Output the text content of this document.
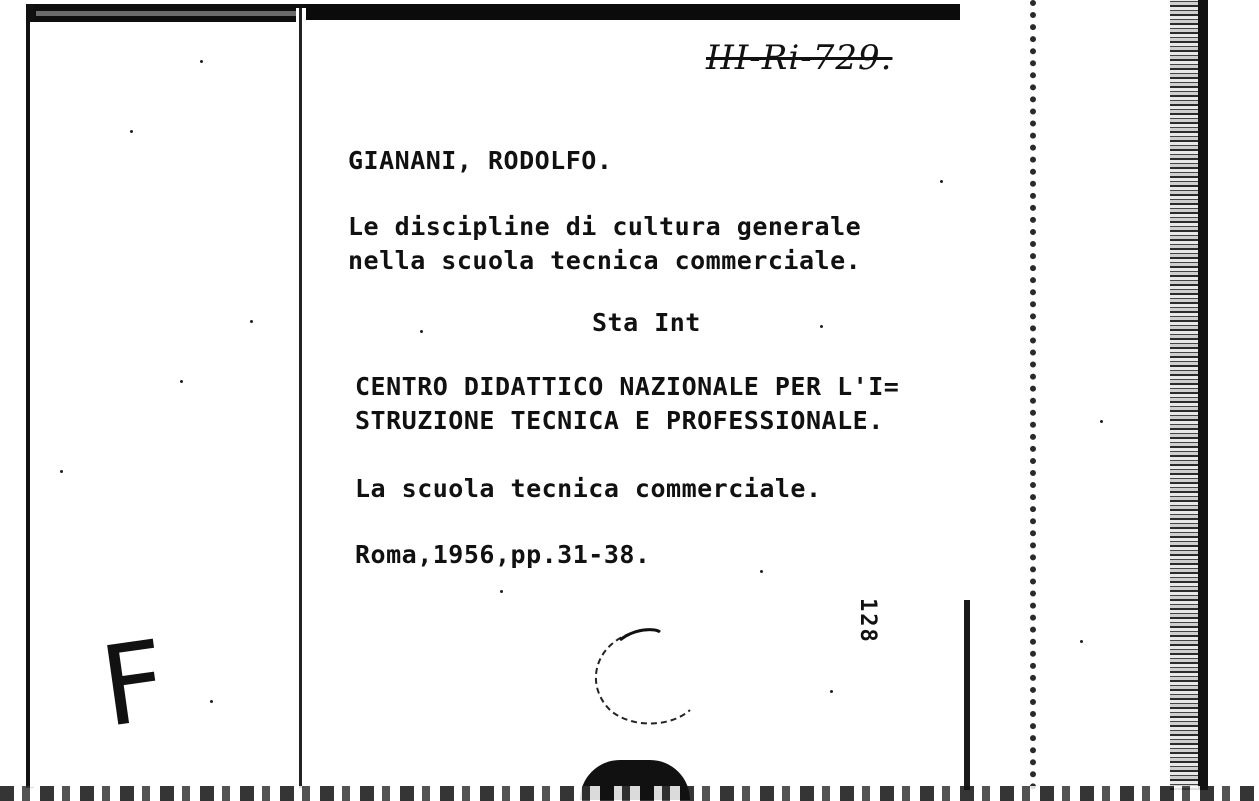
F
III-Ri-729.
GIANANI, RODOLFO.
Le discipline di cultura generale
nella scuola tecnica commerciale.
Sta Int
CENTRO DIDATTICO NAZIONALE PER L'I=
STRUZIONE TECNICA E PROFESSIONALE.
La scuola tecnica commerciale.
Roma,1956,pp.31-38.
128
